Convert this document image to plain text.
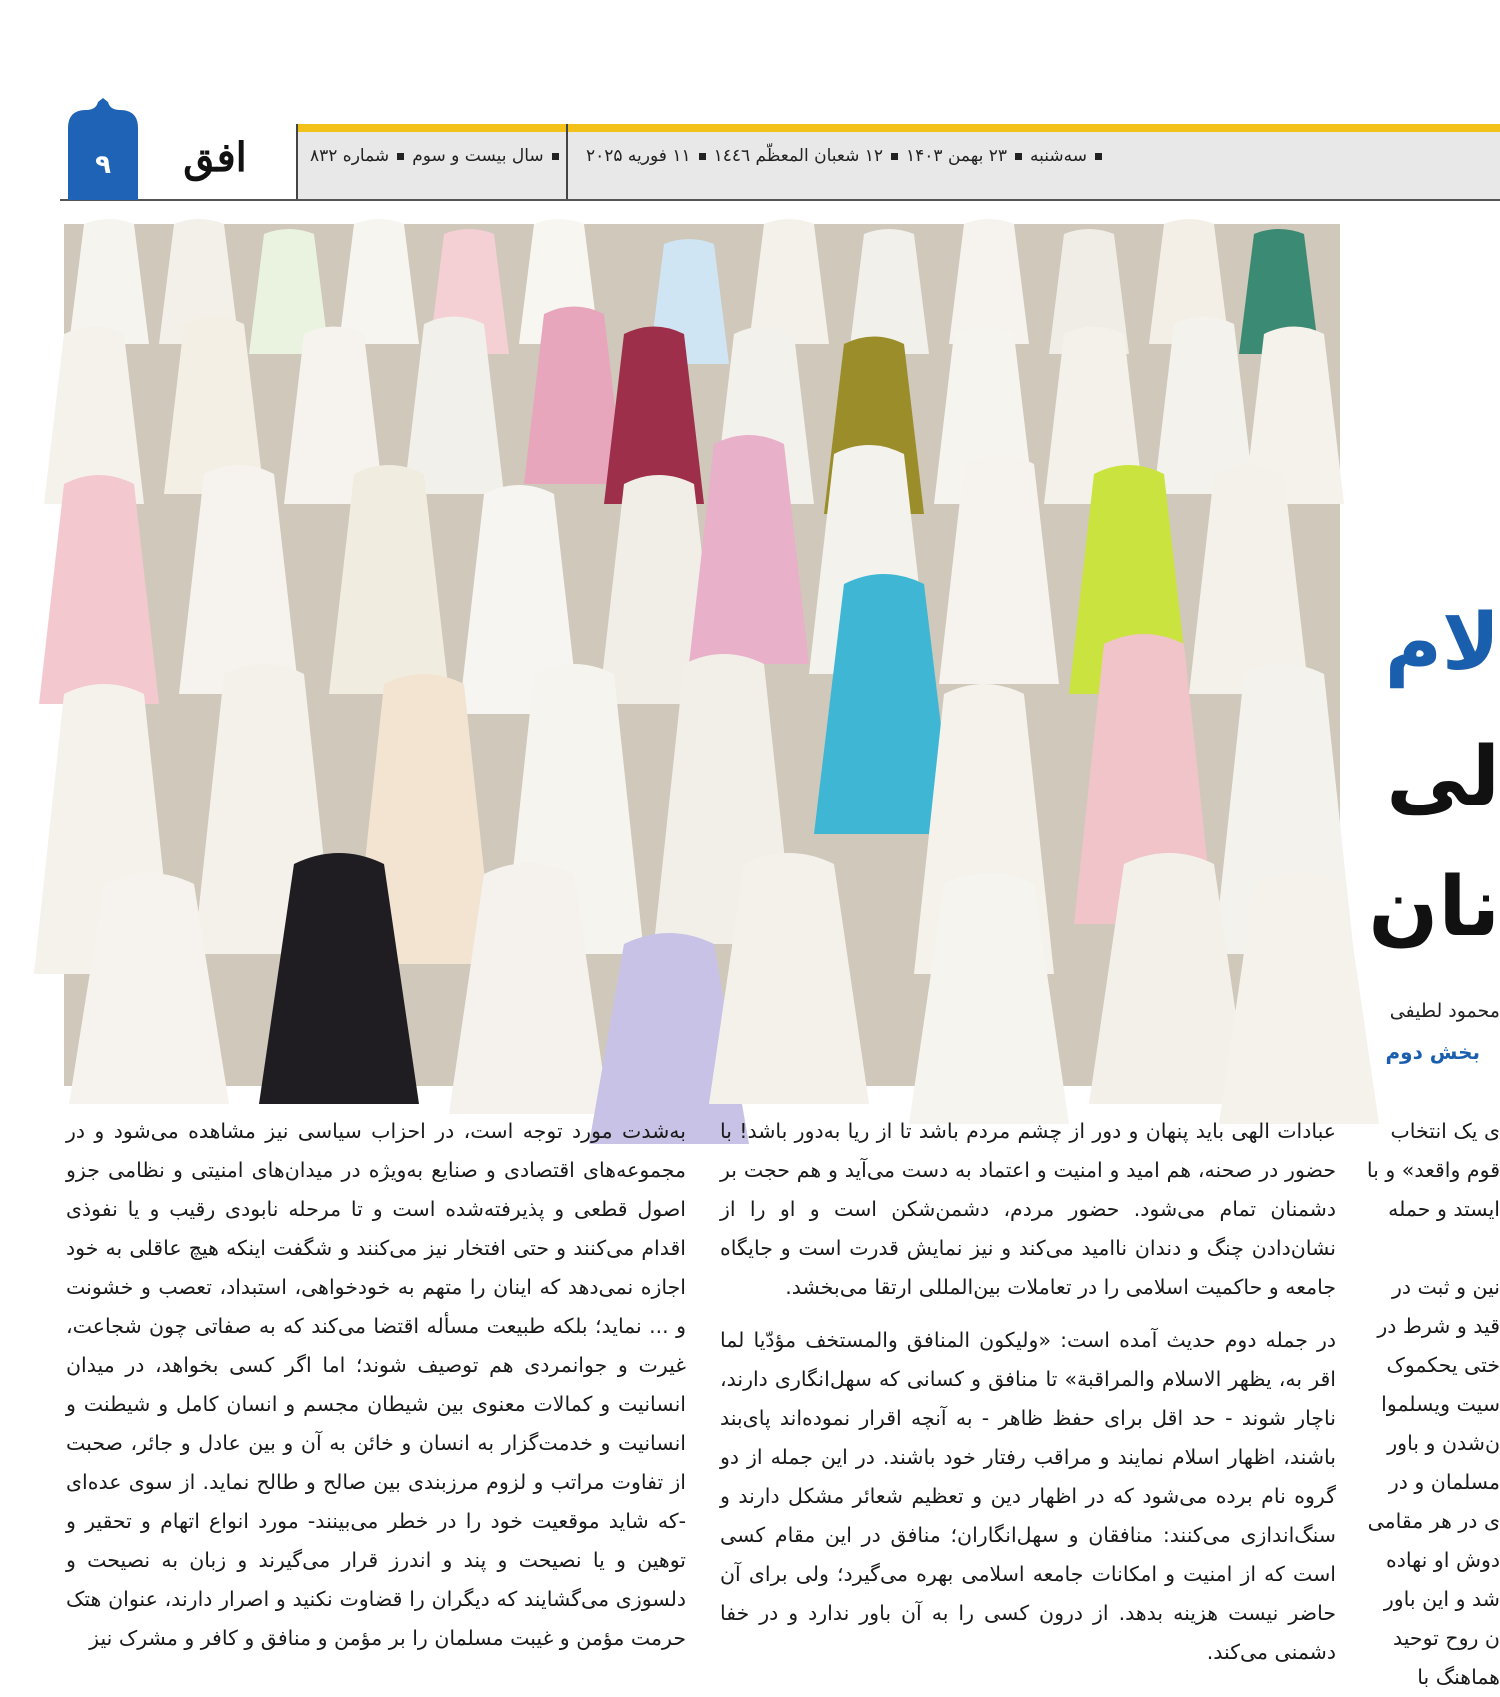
۹	افق	سال بیست و سومشماره ۸۳۲	سه‌شنبه۲۳ بهمن ۱۴۰۳۱۲ شعبان المعظّم ۱٤٤٦۱۱ فوریه ۲۰۲۵
لام
لی
نان
محمود لطیفی
بخش دوم

عبادات الهی باید پنهان و دور از چشم مردم باشد تا از ریا به‌دور باشد! با حضور در صحنه، هم امید و امنیت و اعتماد به دست می‌آید و هم حجت بر دشمنان تمام می‌شود. حضور مردم، دشمن‌شکن است و او را از نشان‌دادن چنگ و دندان ناامید می‌کند و نیز نمایش قدرت است و جایگاه جامعه و حاکمیت اسلامی را در تعاملات بین‌المللی ارتقا می‌بخشد.

در جمله دوم حدیث آمده است: «ولیکون المنافق والمستخف مؤدّیا لما اقر به، یظهر الاسلام والمراقبة» تا منافق و کسانی که سهل‌انگاری دارند، ناچار شوند - حد اقل برای حفظ ظاهر - به آنچه اقرار نموده‌اند پای‌بند باشند، اظهار اسلام نمایند و مراقب رفتار خود باشند. در این جمله از دو گروه نام برده می‌شود که در اظهار دین و تعظیم شعائر مشکل دارند و سنگ‌اندازی می‌کنند: منافقان و سهل‌انگاران؛ منافق در این مقام کسی است که از امنیت و امکانات جامعه اسلامی بهره می‌گیرد؛ ولی برای آن حاضر نیست هزینه بدهد. از درون کسی را به آن باور ندارد و در خفا دشمنی می‌کند.

به‌شدت مورد توجه است، در احزاب سیاسی نیز مشاهده می‌شود و در مجموعه‌های اقتصادی و صنایع به‌ویژه در میدان‌های امنیتی و نظامی جزو اصول قطعی و پذیرفته‌شده است و تا مرحله نابودی رقیب و یا نفوذی اقدام می‌کنند و حتی افتخار نیز می‌کنند و شگفت اینکه هیچ عاقلی به خود اجازه نمی‌دهد که اینان را متهم به خودخواهی، استبداد، تعصب و خشونت و ... نماید؛ بلکه طبیعت مسأله اقتضا می‌کند که به صفاتی چون شجاعت، غیرت و جوانمردی هم توصیف شوند؛ اما اگر کسی بخواهد، در میدان انسانیت و کمالات معنوی بین شیطان مجسم و انسان کامل و شیطنت و انسانیت و خدمت‌گزار به انسان و خائن به آن و بین عادل و جائر، صحبت از تفاوت مراتب و لزوم مرزبندی بین صالح و طالح نماید. از سوی عده‌ای -که شاید موقعیت خود را در خطر می‌بینند- مورد انواع اتهام و تحقیر و توهین و یا نصیحت و پند و اندرز قرار می‌گیرند و زبان به نصیحت و دلسوزی می‌گشایند که دیگران را قضاوت نکنید و اصرار دارند، عنوان هتک حرمت مؤمن و غیبت مسلمان را بر مؤمن و منافق و کافر و مشرک نیز

ی یک انتخاب

قوم واقعد» و با

ایستد و حمله

نین و ثبت در

قید و شرط در

ختی یحکموک

سیت ویسلموا

ن‌شدن و باور

مسلمان و در

ی در هر مقامی

دوش او نهاده

شد و این باور

ن روح توحید

هماهنگ با
